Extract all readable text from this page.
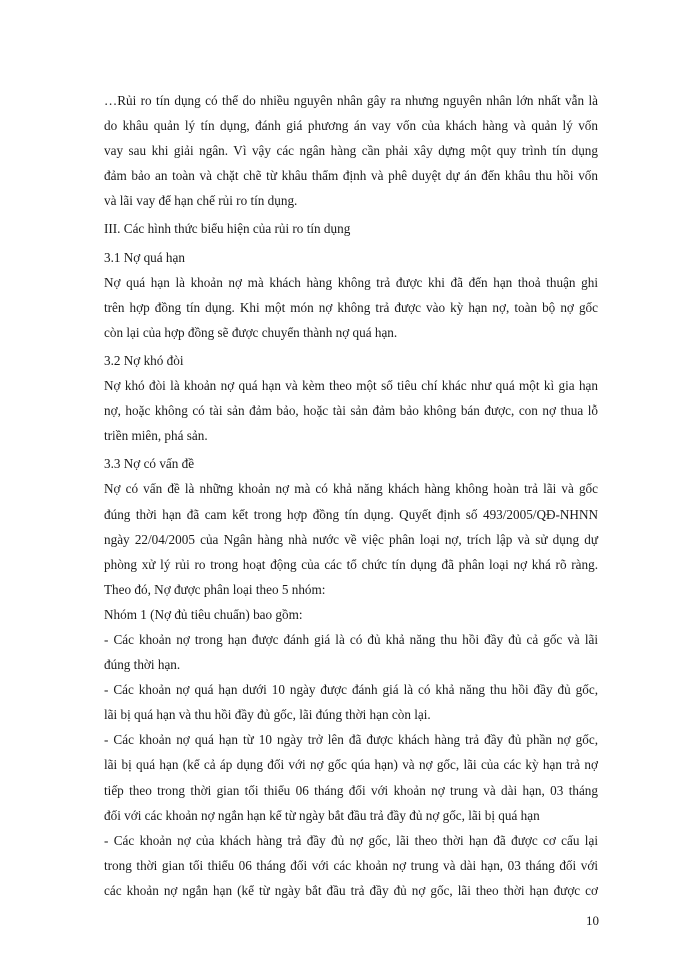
…Rủi ro tín dụng có thể do nhiều nguyên nhân gây ra nhưng nguyên nhân lớn nhất vẫn là

do khâu quản lý tín dụng, đánh giá phương án vay vốn của khách hàng và quản lý vốn

vay sau khi giải ngân. Vì vậy các ngân hàng cần phải xây dựng một quy trình tín dụng

đảm bảo an toàn và chặt chẽ từ khâu thẩm định và phê duyệt dự án đến khâu thu hồi vốn

và lãi vay để hạn chế rủi ro tín dụng.

III. Các hình thức biểu hiện của rủi ro tín dụng

3.1 Nợ quá hạn

Nợ quá hạn là khoản nợ mà khách hàng không trả được khi đã đến hạn thoả thuận ghi

trên hợp đồng tín dụng. Khi một món nợ không trả được vào kỳ hạn nợ, toàn bộ nợ gốc

còn lại của hợp đồng sẽ được chuyển thành nợ quá hạn.

3.2 Nợ khó đòi

Nợ khó đòi là khoản nợ quá hạn và kèm theo một số tiêu chí khác như quá một kì gia hạn

nợ, hoặc không có tài sản đảm bảo, hoặc tài sản đảm bảo không bán được, con nợ thua lỗ

triền miên, phá sản.

3.3 Nợ có vấn đề

Nợ có vấn đề là những khoản nợ mà có khả năng khách hàng không hoàn trả lãi và gốc

đúng thời hạn đã cam kết trong hợp đồng tín dụng. Quyết định số 493/2005/QĐ-NHNN

ngày 22/04/2005 của Ngân hàng nhà nước về việc phân loại nợ, trích lập và sử dụng dự

phòng xử lý rủi ro trong hoạt động của các tổ chức tín dụng đã phân loại nợ khá rõ ràng.

Theo đó, Nợ được phân loại theo 5 nhóm:

Nhóm 1 (Nợ đủ tiêu chuẩn) bao gồm:

- Các khoản nợ trong hạn được đánh giá là có đủ khả năng thu hồi đầy đủ cả gốc và lãi

đúng thời hạn.

- Các khoản nợ quá hạn dưới 10 ngày được đánh giá là có khả năng thu hồi đầy đủ gốc,

lãi bị quá hạn và thu hồi đầy đủ gốc, lãi đúng thời hạn còn lại.

- Các khoản nợ quá hạn từ 10 ngày trở lên đã được khách hàng trả đầy đủ phần nợ gốc,

lãi bị quá hạn (kể cả áp dụng đối với nợ gốc qúa hạn) và nợ gốc, lãi của các kỳ hạn trả nợ

tiếp theo trong thời gian tối thiểu 06 tháng đối với khoản nợ trung và dài hạn, 03 tháng

đối với các khoản nợ ngắn hạn kể từ ngày bắt đầu trả đầy đủ nợ gốc, lãi bị quá hạn

- Các khoản nợ của khách hàng trả đầy đủ nợ gốc, lãi theo thời hạn đã được cơ cấu lại

trong thời gian tối thiểu 06 tháng đối với các khoản nợ trung và dài hạn, 03 tháng đối với

các khoản nợ ngắn hạn (kể từ ngày bắt đầu trả đầy đủ nợ gốc, lãi theo thời hạn được cơ

10
